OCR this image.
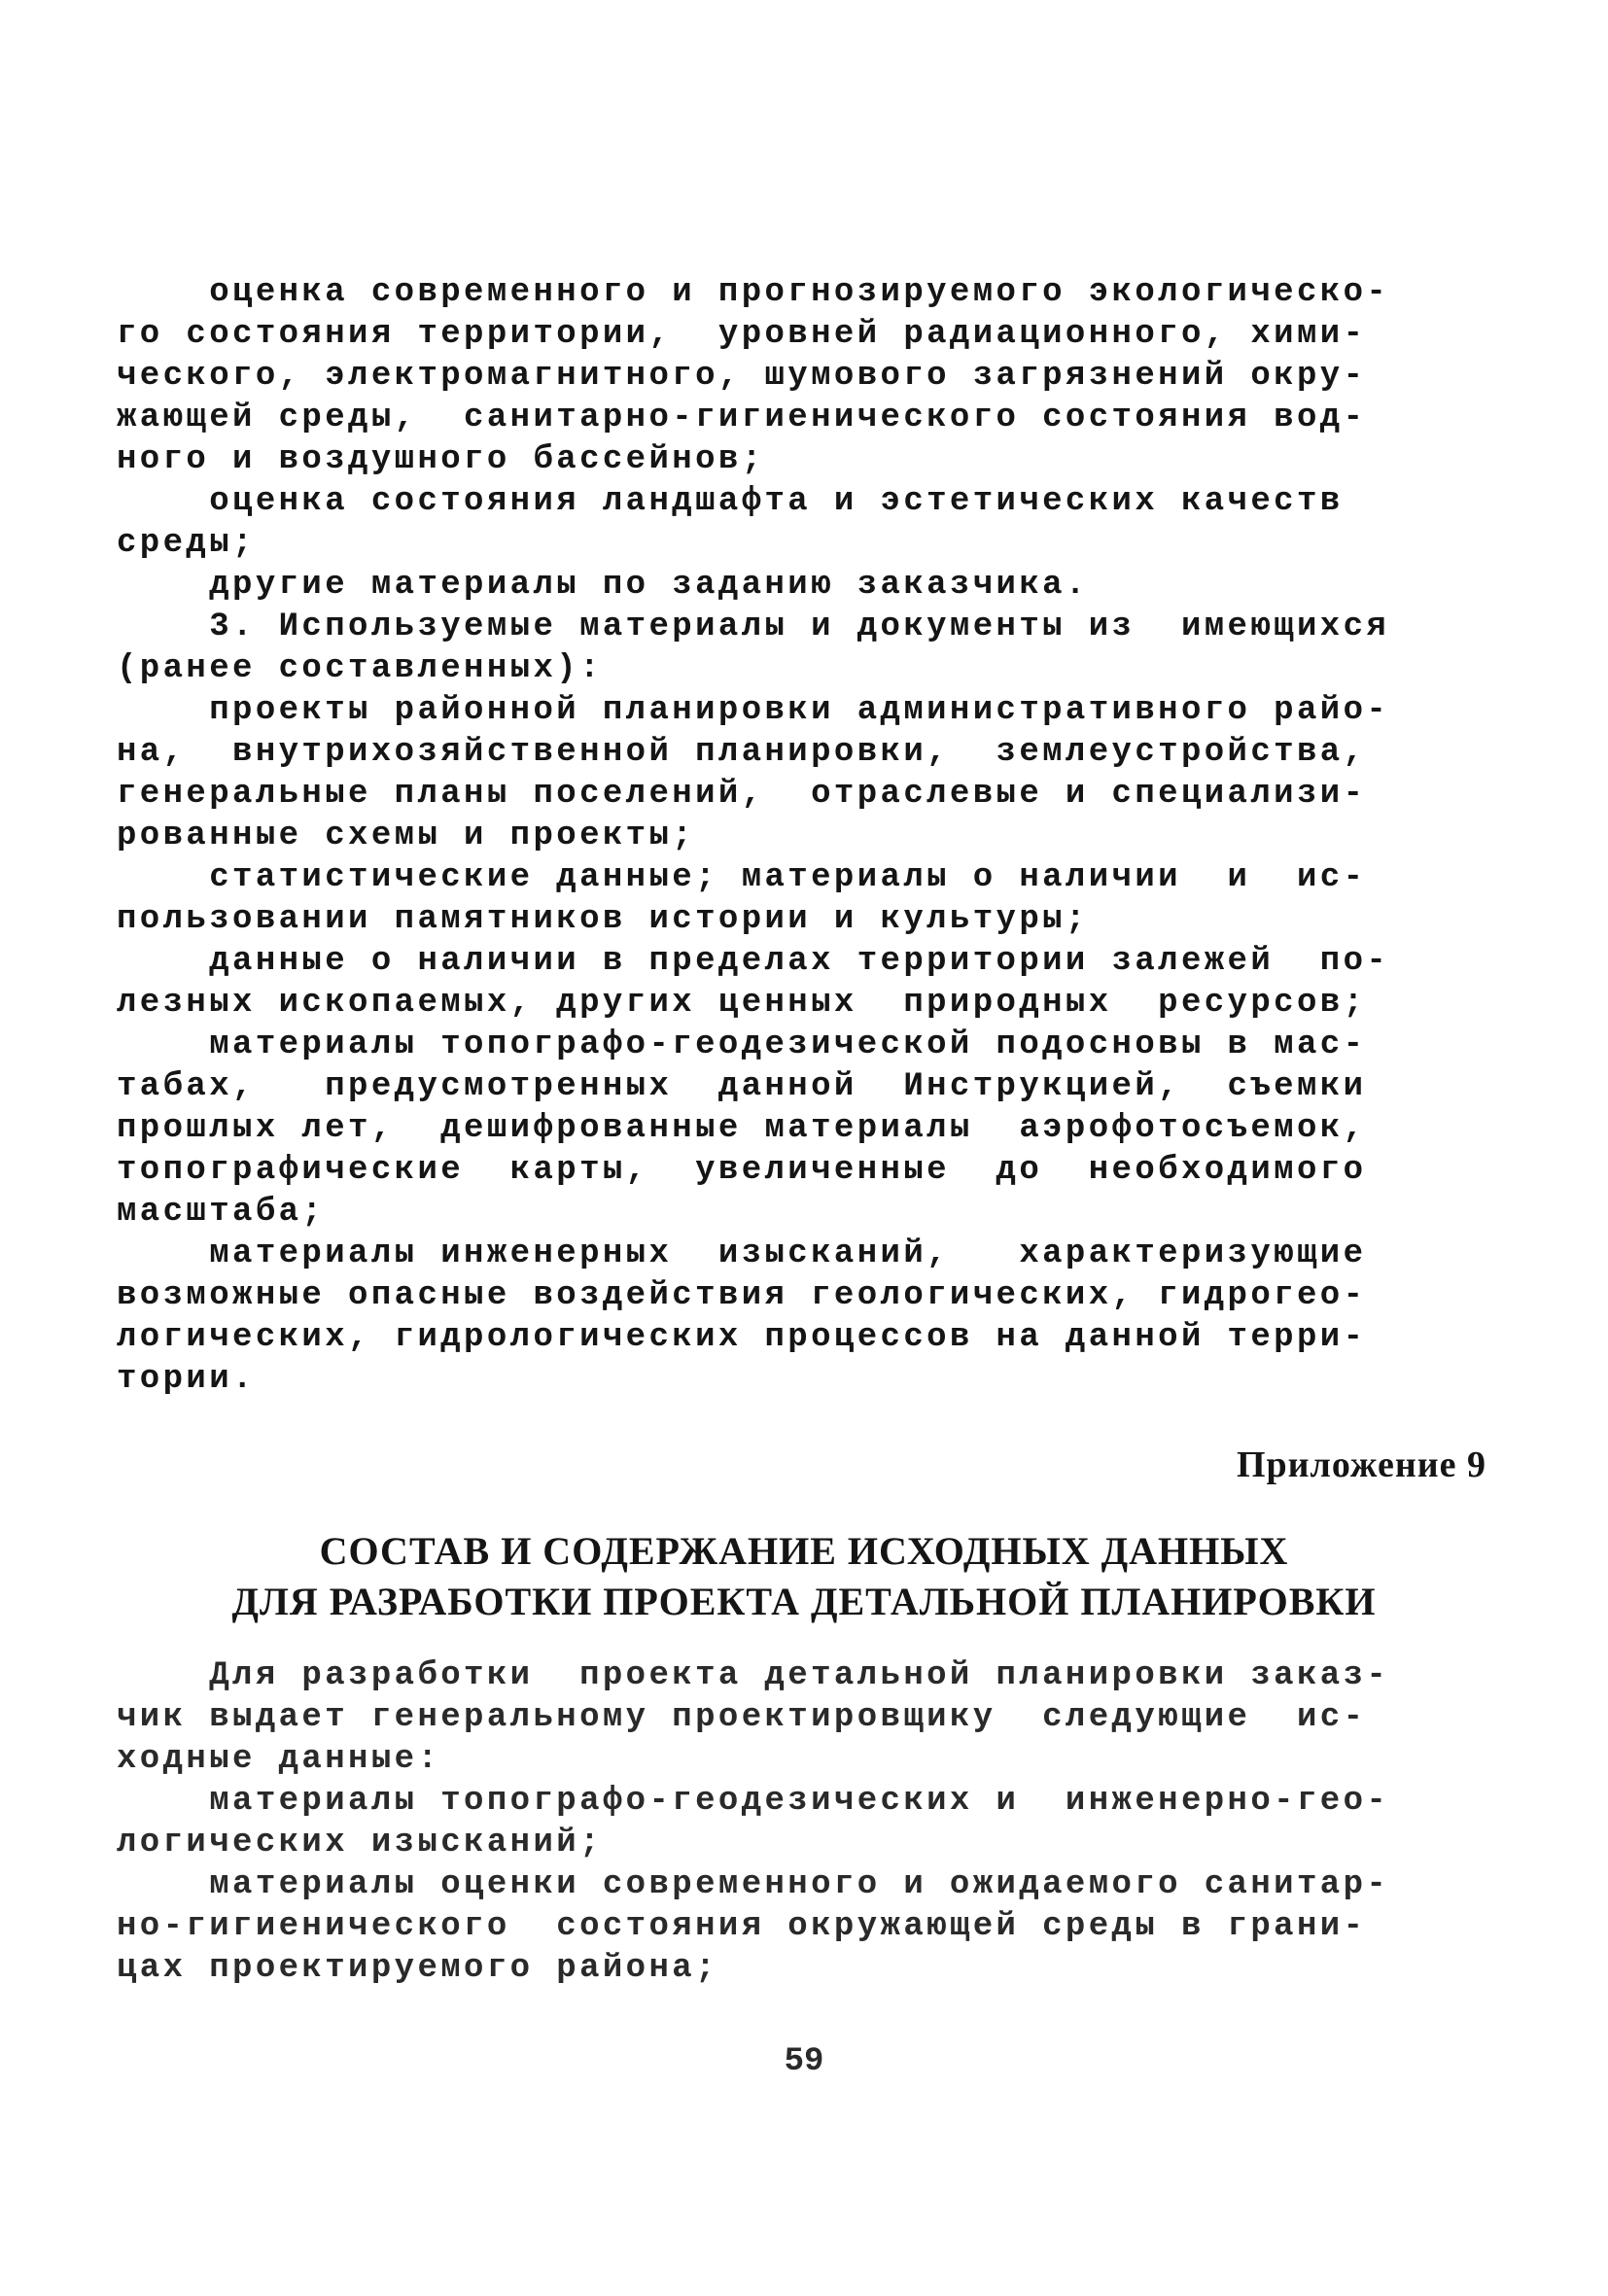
оценка современного и прогнозируемого экологическо-
го состояния территории,  уровней радиационного, хими-
ческого, электромагнитного, шумового загрязнений окру-
жающей среды,  санитарно-гигиенического состояния вод-
ного и воздушного бассейнов;
оценка состояния ландшафта и эстетических качеств
среды;
другие материалы по заданию заказчика.
3. Используемые материалы и документы из  имеющихся
(ранее составленных):
проекты районной планировки административного райо-
на,  внутрихозяйственной планировки,  землеустройства,
генеральные планы поселений,  отраслевые и специализи-
рованные схемы и проекты;
статистические данные; материалы о наличии  и  ис-
пользовании памятников истории и культуры;
данные о наличии в пределах территории залежей  по-
лезных ископаемых, других ценных  природных  ресурсов;
материалы топографо-геодезической подосновы в мас-
табах,   предусмотренных  данной  Инструкцией,  съемки
прошлых лет,  дешифрованные материалы  аэрофотосъемок,
топографические  карты,  увеличенные  до  необходимого
масштаба;
материалы инженерных  изысканий,   характеризующие
возможные опасные воздействия геологических, гидрогео-
логических, гидрологических процессов на данной терри-
тории.
Приложение 9
СОСТАВ И СОДЕРЖАНИЕ ИСХОДНЫХ ДАННЫХ
ДЛЯ РАЗРАБОТКИ ПРОЕКТА ДЕТАЛЬНОЙ ПЛАНИРОВКИ
Для разработки  проекта детальной планировки заказ-
чик выдает генеральному проектировщику  следующие  ис-
ходные данные:
материалы топографо-геодезических и  инженерно-гео-
логических изысканий;
материалы оценки современного и ожидаемого санитар-
но-гигиенического  состояния окружающей среды в грани-
цах проектируемого района;
59
